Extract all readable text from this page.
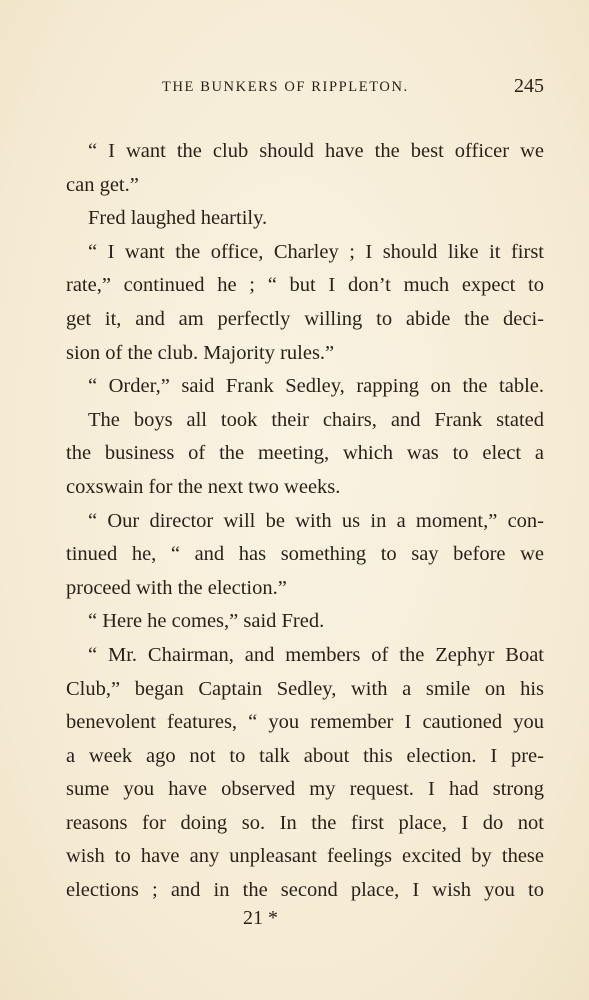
THE BUNKERS OF RIPPLETON.	245
“ I want the club should have the best officer we
can get.”
Fred laughed heartily.
“ I want the office, Charley ; I should like it first
rate,” continued he ; “ but I don’t much expect to
get it, and am perfectly willing to abide the deci-
sion of the club. Majority rules.”
“ Order,” said Frank Sedley, rapping on the table.
The boys all took their chairs, and Frank stated
the business of the meeting, which was to elect a
coxswain for the next two weeks.
“ Our director will be with us in a moment,” con-
tinued he, “ and has something to say before we
proceed with the election.”
“ Here he comes,” said Fred.
“ Mr. Chairman, and members of the Zephyr Boat
Club,” began Captain Sedley, with a smile on his
benevolent features, “ you remember I cautioned you
a week ago not to talk about this election. I pre-
sume you have observed my request. I had strong
reasons for doing so. In the first place, I do not
wish to have any unpleasant feelings excited by these
elections ; and in the second place, I wish you to
21 *
